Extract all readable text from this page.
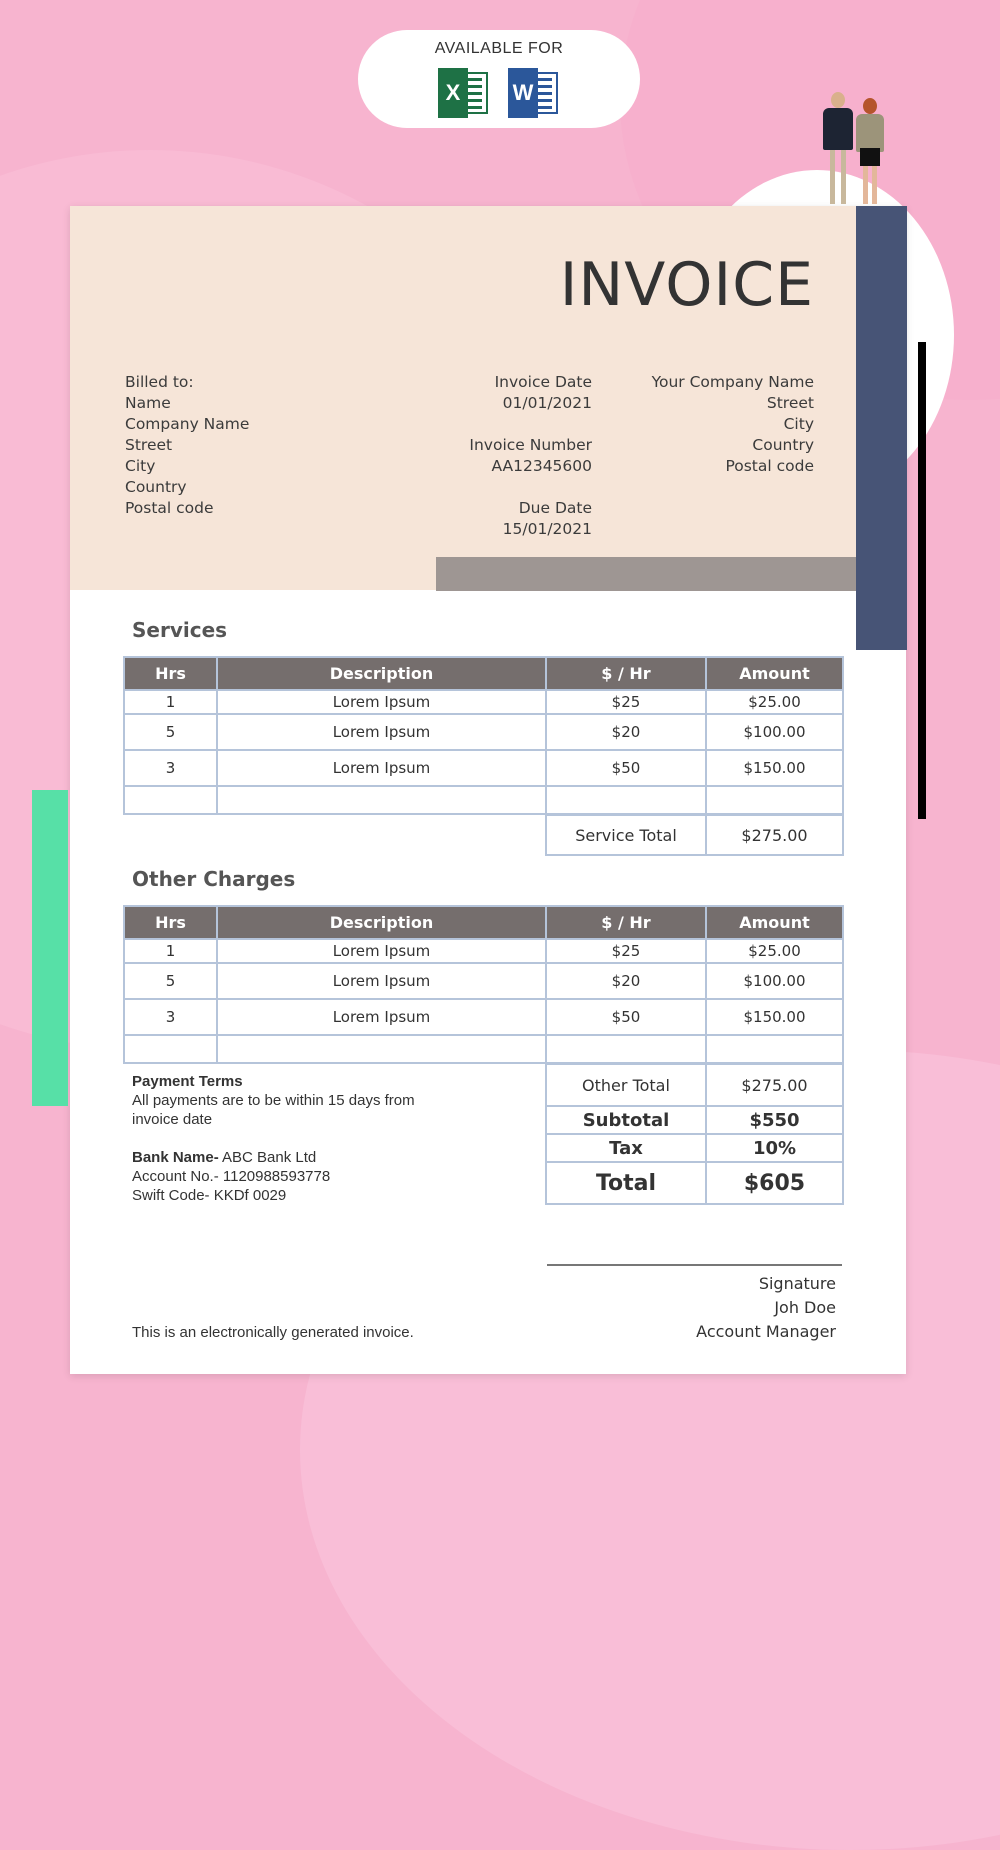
AVAILABLE FOR
X	W
INVOICE
Billed to:
Name
Company Name
Street
City
Country
Postal code
Invoice Date
01/01/2021
Invoice Number
AA12345600
Due Date
15/01/2021
Your Company Name
Street
City
Country
Postal code
Services
Hrs	Description	$ / Hr	Amount
1	Lorem Ipsum	$25	$25.00
5	Lorem Ipsum	$20	$100.00
3	Lorem Ipsum	$50	$150.00

Service Total	$275.00
Other Charges
Hrs	Description	$ / Hr	Amount
1	Lorem Ipsum	$25	$25.00
5	Lorem Ipsum	$20	$100.00
3	Lorem Ipsum	$50	$150.00

Other Total	$275.00
Subtotal	$550
Tax	10%
Total	$605
Payment Terms
All payments are to be within 15 days from
invoice date
Bank Name- ABC Bank Ltd
Account No.- 1120988593778
Swift Code- KKDf 0029
Signature
Joh Doe
Account Manager
This is an electronically generated invoice.
